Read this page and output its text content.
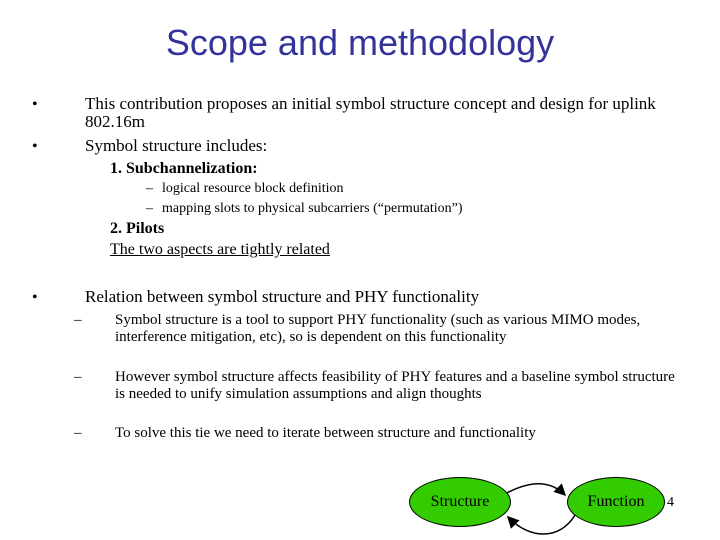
Scope and methodology
•	This contribution proposes an initial symbol structure concept and design for uplink 802.16m
•	Symbol structure includes:
1. Subchannelization:
– logical resource block definition
– mapping slots to physical subcarriers (“permutation”)
2. Pilots
The two aspects are tightly related
•	Relation between symbol structure and PHY functionality
– Symbol structure is a tool to support PHY functionality (such as various MIMO modes, interference mitigation, etc), so is dependent on this functionality
– However symbol structure affects feasibility of PHY features and a baseline symbol structure is needed to unify simulation assumptions and align thoughts
– To solve this tie we need to iterate between structure and functionality
Structure	Function	4
